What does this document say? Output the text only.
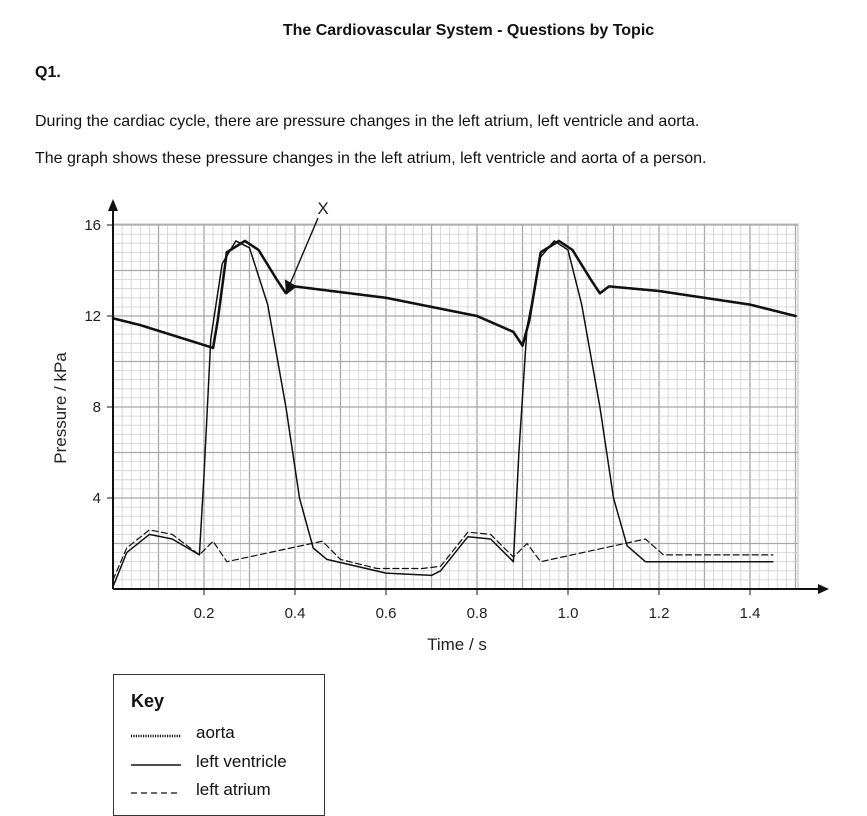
The Cardiovascular System - Questions by Topic
Q1.
During the cardiac cycle, there are pressure changes in the left atrium, left ventricle and aorta.
The graph shows these pressure changes in the left atrium, left ventricle and aorta of a person.
0.2	0.4	0.6	0.8	1.0	1.2	1.4
4
8
12
16
Time / s
Pressure / kPa
X
Key
aorta
left ventricle
left atrium
